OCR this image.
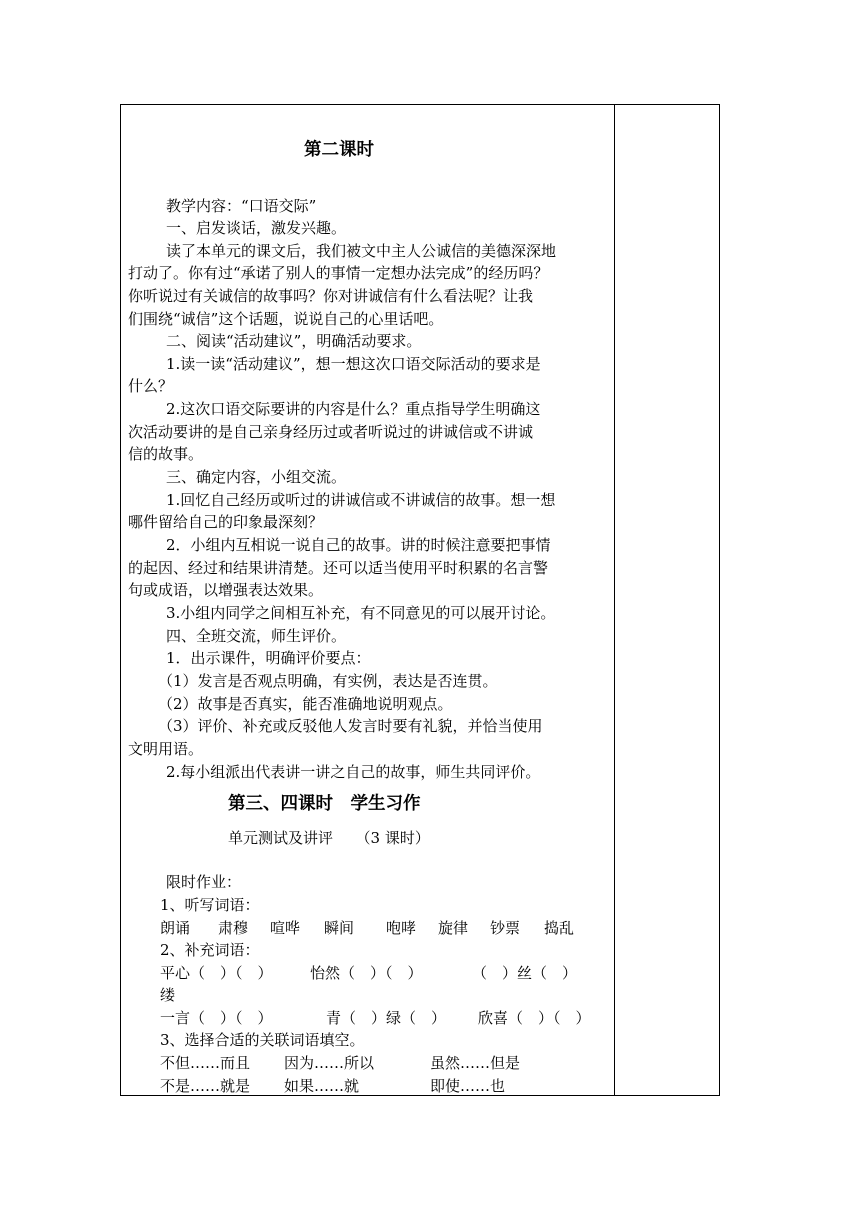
第二课时
教学内容：“口语交际”
一、启发谈话，激发兴趣。
读了本单元的课文后，我们被文中主人公诚信的美德深深地
打动了。你有过“承诺了别人的事情一定想办法完成”的经历吗？
你听说过有关诚信的故事吗？你对讲诚信有什么看法呢？让我
们围绕“诚信”这个话题，说说自己的心里话吧。
二、阅读“活动建议”，明确活动要求。
1.读一读“活动建议”，想一想这次口语交际活动的要求是
什么？
2.这次口语交际要讲的内容是什么？重点指导学生明确这
次活动要讲的是自己亲身经历过或者听说过的讲诚信或不讲诚
信的故事。
三、确定内容，小组交流。
1.回忆自己经历或听过的讲诚信或不讲诚信的故事。想一想
哪件留给自己的印象最深刻？
2．小组内互相说一说自己的故事。讲的时候注意要把事情
的起因、经过和结果讲清楚。还可以适当使用平时积累的名言警
句或成语，以增强表达效果。
3.小组内同学之间相互补充，有不同意见的可以展开讨论。
四、全班交流，师生评价。
1．出示课件，明确评价要点：
（1）发言是否观点明确，有实例，表达是否连贯。
（2）故事是否真实，能否准确地说明观点。
（3）评价、补充或反驳他人发言时要有礼貌，并恰当使用
文明用语。
2.每小组派出代表讲一讲之自己的故事，师生共同评价。
第三、四课时　学生习作
单元测试及讲评　　（3 课时）
限时作业：
1、听写词语：
朗诵 肃穆 喧哗 瞬间 咆哮 旋律 钞票 捣乱
2、补充词语：
平心（　）（　） 怡然（　）（　）	（　）丝（　）
缕
一言（　）（　）	青（　）绿（　） 欣喜（　）（　）
3、选择合适的关联词语填空。
不但……而且 因为……所以	虽然……但是
不是……就是 如果……就	即使……也
